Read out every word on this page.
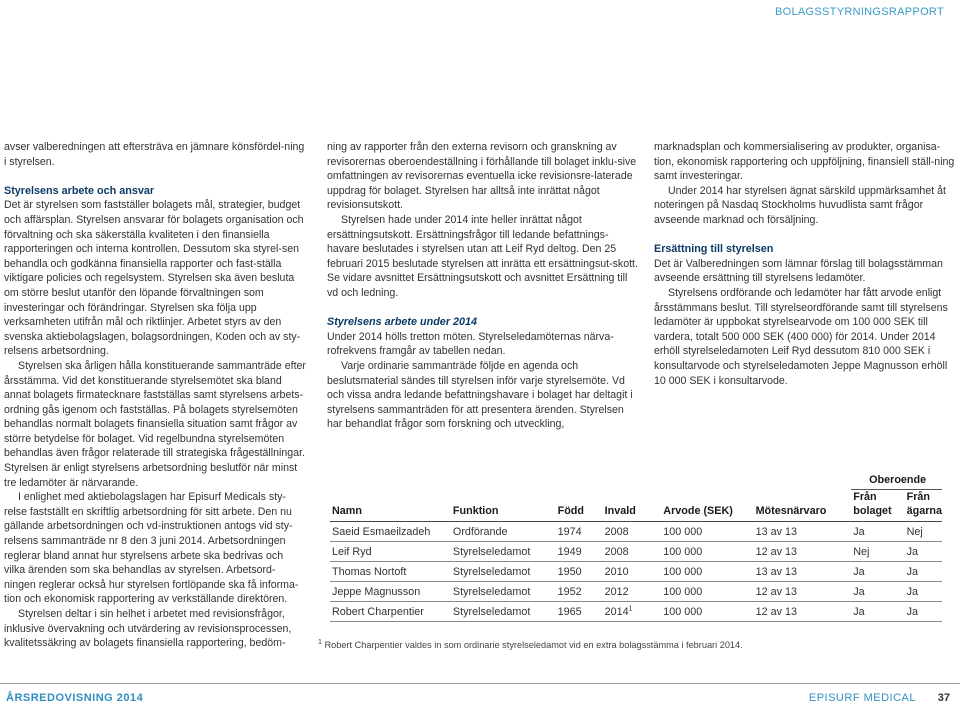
BOLAGSSTYRNINGSRAPPORT

avser valberedningen att eftersträva en jämnare könsfördel-ning i styrelsen.

Styrelsens arbete och ansvar

Det är styrelsen som fastställer bolagets mål, strategier, budget och affärsplan. Styrelsen ansvarar för bolagets organisation och förvaltning och ska säkerställa kvaliteten i den finansiella rapporteringen och interna kontrollen. Dessutom ska styrel-sen behandla och godkänna finansiella rapporter och fast-ställa viktigare policies och regelsystem. Styrelsen ska även besluta om större beslut utanför den löpande förvaltningen som investeringar och förändringar. Styrelsen ska följa upp verksamheten utifrån mål och riktlinjer. Arbetet styrs av den svenska aktiebolagslagen, bolagsordningen, Koden och av sty-relsens arbetsordning.

Styrelsen ska årligen hålla konstituerande sammanträde efter årsstämma. Vid det konstituerande styrelsemötet ska bland annat bolagets firmatecknare fastställas samt styrelsens arbets-ordning gås igenom och fastställas. På bolagets styrelsemöten behandlas normalt bolagets finansiella situation samt frågor av större betydelse för bolaget. Vid regelbundna styrelsemöten behandlas även frågor relaterade till strategiska frågeställningar. Styrelsen är enligt styrelsens arbetsordning beslutför när minst tre ledamöter är närvarande.

I enlighet med aktiebolagslagen har Episurf Medicals sty-relse fastställt en skriftlig arbetsordning för sitt arbete. Den nu gällande arbetsordningen och vd-instruktionen antogs vid sty-relsens sammanträde nr 8 den 3 juni 2014. Arbetsordningen reglerar bland annat hur styrelsens arbete ska bedrivas och vilka ärenden som ska behandlas av styrelsen. Arbetsord-ningen reglerar också hur styrelsen fortlöpande ska få informa-tion och ekonomisk rapportering av verkställande direktören.

Styrelsen deltar i sin helhet i arbetet med revisionsfrågor, inklusive övervakning och utvärdering av revisionsprocessen, kvalitetssäkring av bolagets finansiella rapportering, bedöm-

ning av rapporter från den externa revisorn och granskning av revisorernas oberoendeställning i förhållande till bolaget inklu-sive omfattningen av revisorernas eventuella icke revisionsre-laterade uppdrag för bolaget. Styrelsen har alltså inte inrättat något revisionsutskott.

Styrelsen hade under 2014 inte heller inrättat något ersättningsutskott. Ersättningsfrågor till ledande befattnings-havare beslutades i styrelsen utan att Leif Ryd deltog. Den 25 februari 2015 beslutade styrelsen att inrätta ett ersättningsut-skott. Se vidare avsnittet Ersättningsutskott och avsnittet Ersättning till vd och ledning.

Styrelsens arbete under 2014

Under 2014 hölls tretton möten. Styrelseledamöternas närva-rofrekvens framgår av tabellen nedan.

Varje ordinarie sammanträde följde en agenda och beslutsmaterial sändes till styrelsen inför varje styrelsemöte. Vd och vissa andra ledande befattningshavare i bolaget har deltagit i styrelsens sammanträden för att presentera ärenden. Styrelsen har behandlat frågor som forskning och utveckling,

marknadsplan och kommersialisering av produkter, organisa-tion, ekonomisk rapportering och uppföljning, finansiell ställ-ning samt investeringar.

Under 2014 har styrelsen ägnat särskild uppmärksamhet åt noteringen på Nasdaq Stockholms huvudlista samt frågor avseende marknad och försäljning.

Ersättning till styrelsen

Det är Valberedningen som lämnar förslag till bolagsstämman avseende ersättning till styrelsens ledamöter.

Styrelsens ordförande och ledamöter har fått arvode enligt årsstämmans beslut. Till styrelseordförande samt till styrelsens ledamöter är uppbokat styrelsearvode om 100 000 SEK till vardera, totalt 500 000 SEK (400 000) för 2014. Under 2014 erhöll styrelseledamoten Leif Ryd dessutom 810 000 SEK i konsultarvode och styrelseledamoten Jeppe Magnusson erhöll 10 000 SEK i konsultarvode.

						Oberoende	
Namn	Funktion	Född	Invald	Arvode (SEK)	Mötesnärvaro	Från bolaget	Från ägarna
Saeid Esmaeilzadeh	Ordförande	1974	2008	100 000	13 av 13	Ja	Nej
Leif Ryd	Styrelseledamot	1949	2008	100 000	12 av 13	Nej	Ja
Thomas Nortoft	Styrelseledamot	1950	2010	100 000	13 av 13	Ja	Ja
Jeppe Magnusson	Styrelseledamot	1952	2012	100 000	12 av 13	Ja	Ja
Robert Charpentier	Styrelseledamot	1965	2014$^1$	100 000	12 av 13	Ja	Ja
$^1$ Robert Charpentier valdes in som ordinarie styrelseledamot vid en extra bolagsstämma i februari 2014.
ÅRSREDOVISNING 2014	EPISURF MEDICAL 37
